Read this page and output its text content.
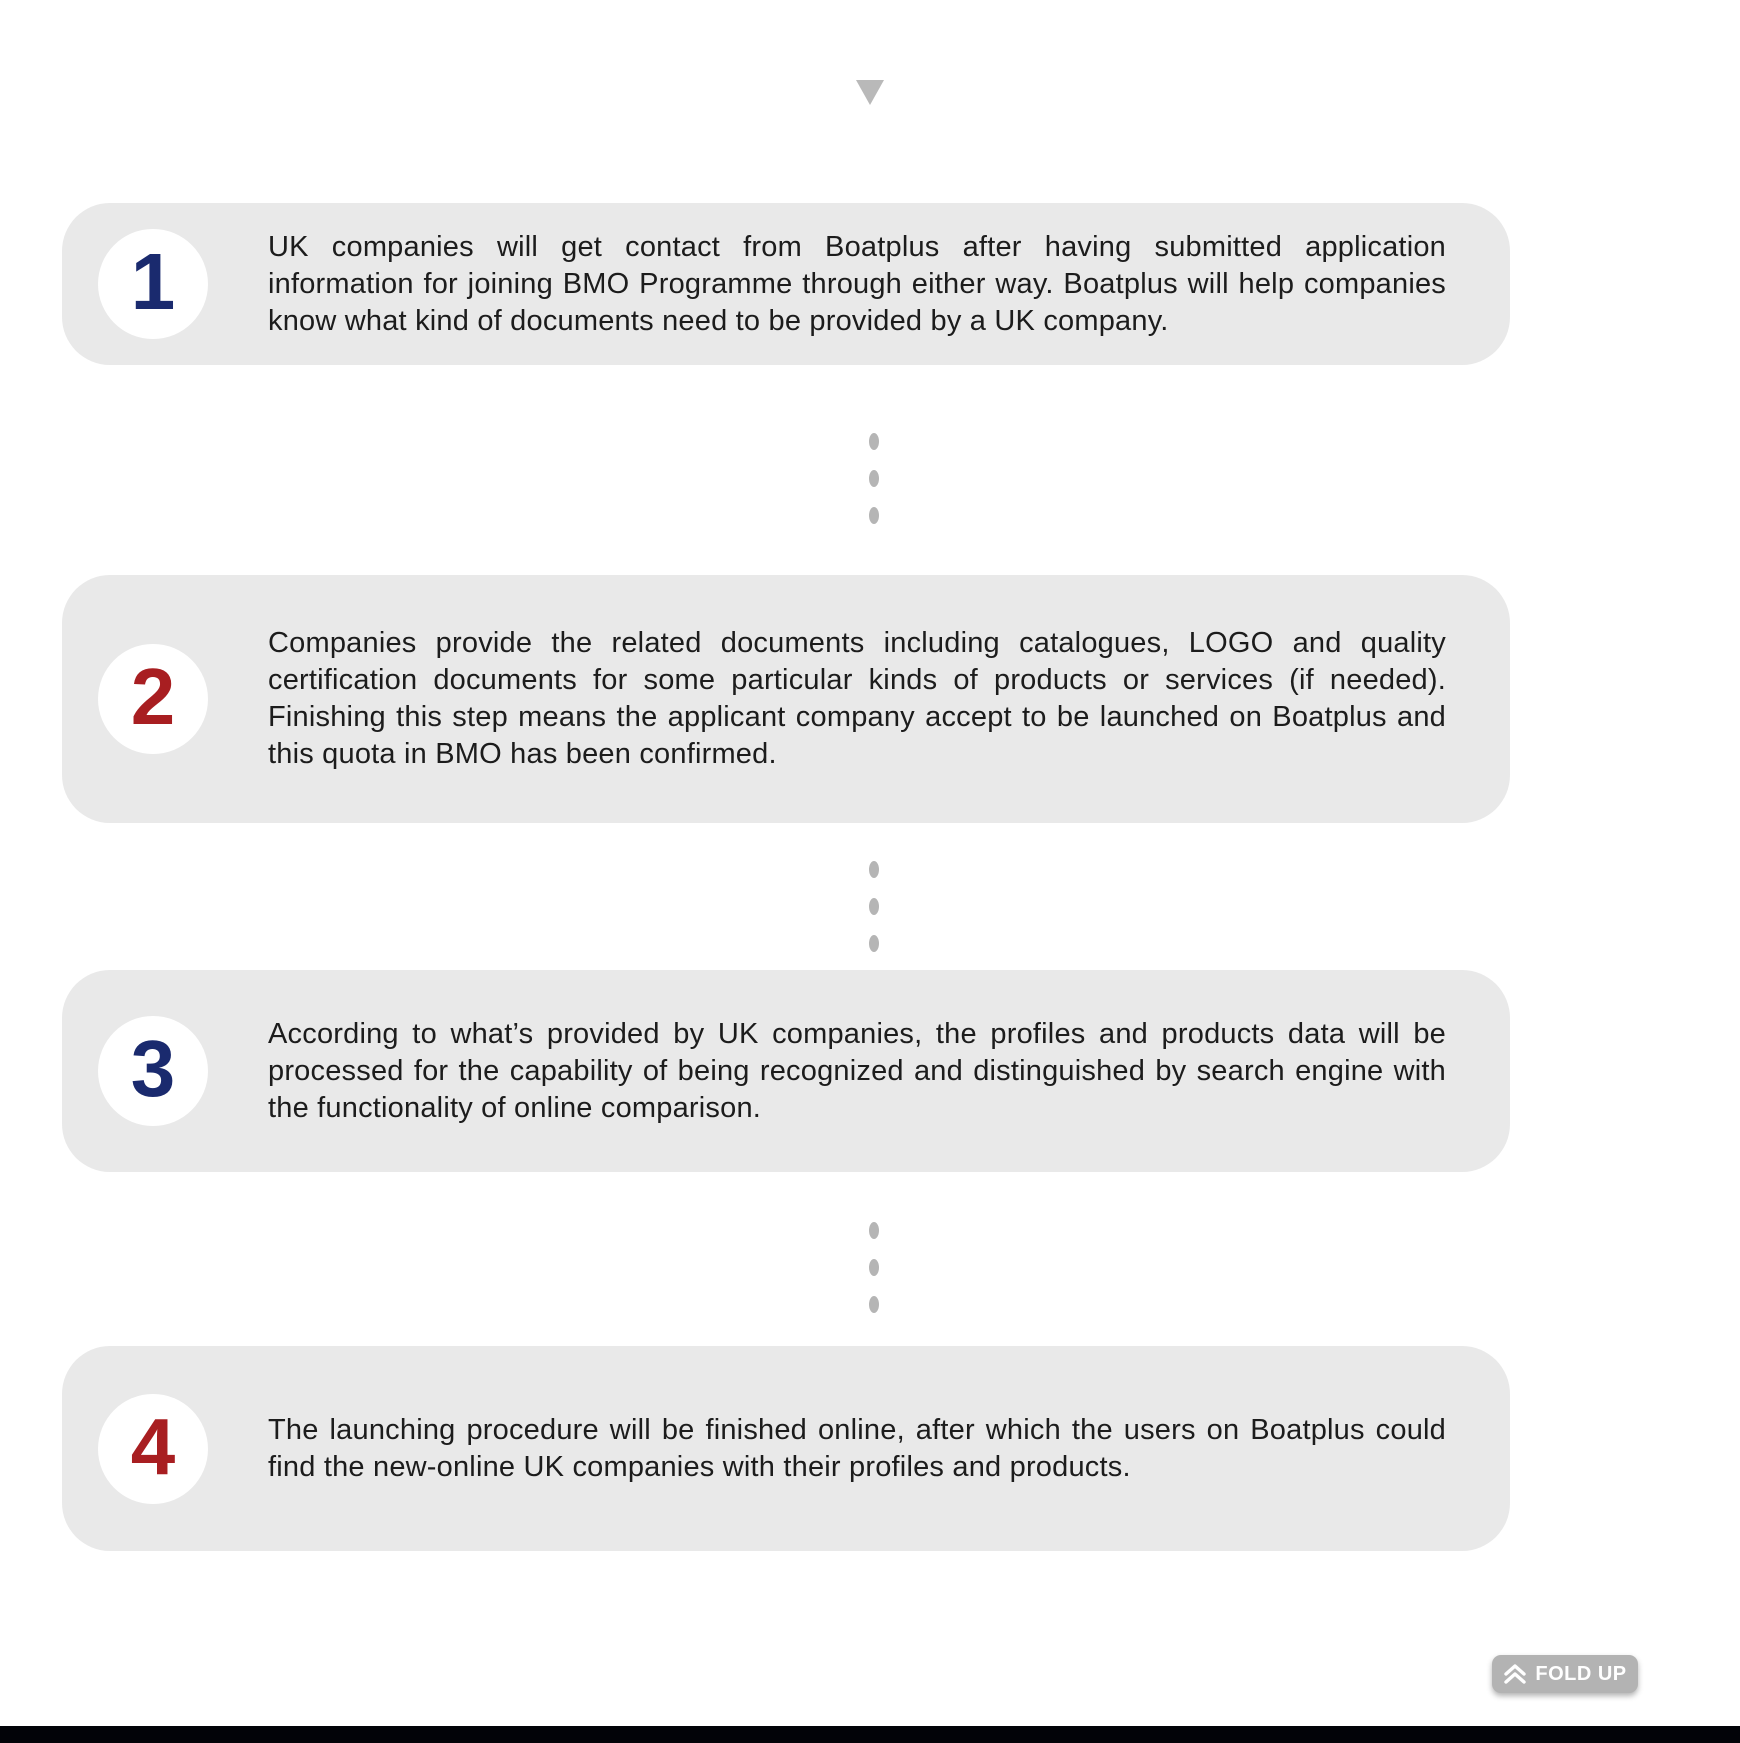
1	UK companies will get contact from Boatplus after having submitted application information for joining BMO Programme through either way. Boatplus will help companies know what kind of documents need to be provided by a UK company.
2
Companies provide the related documents including catalogues, LOGO and quality certification documents for some particular kinds of products or services (if needed). Finishing this step means the applicant company accept to be launched on Boatplus and this quota in BMO has been confirmed.
3	According to what’s provided by UK companies, the profiles and products data will be processed for the capability of being recognized and distinguished by search engine with the functionality of online comparison.
4	The launching procedure will be finished online, after which the users on Boatplus could find the new-online UK companies with their profiles and products.
FOLD UP
